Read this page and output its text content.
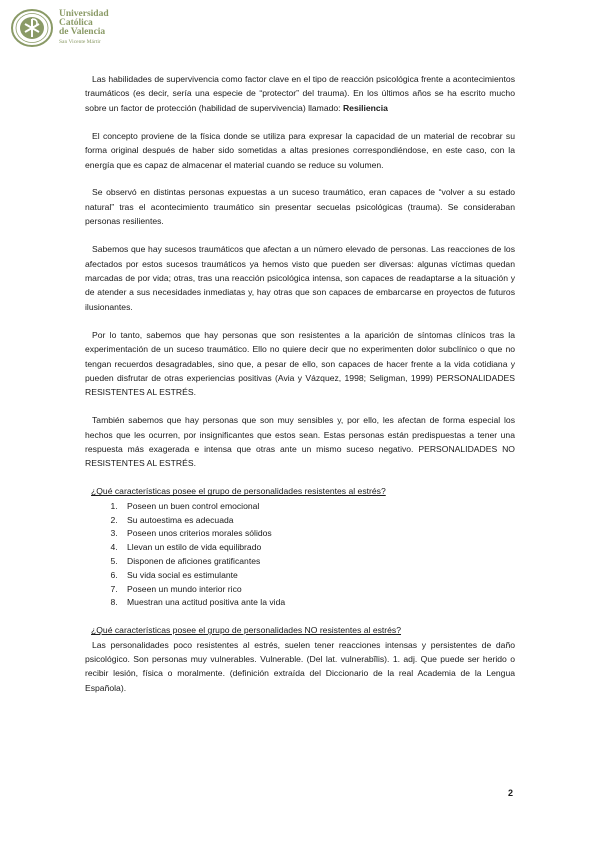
Universidad
Católica
de Valencia
San Vicente Mártir

Las habilidades de supervivencia como factor clave en el tipo de reacción psicológica frente a acontecimientos traumáticos (es decir, sería una especie de “protector” del trauma). En los últimos años se ha escrito mucho sobre un factor de protección (habilidad de supervivencia) llamado: Resiliencia

El concepto proviene de la física donde se utiliza para expresar la capacidad de un material de recobrar su forma original después de haber sido sometidas a altas presiones correspondiéndose, en este caso, con la energía que es capaz de almacenar el material cuando se reduce su volumen.

Se observó en distintas personas expuestas a un suceso traumático, eran capaces de “volver a su estado natural” tras el acontecimiento traumático sin presentar secuelas psicológicas (trauma). Se consideraban personas resilientes.

Sabemos que hay sucesos traumáticos que afectan a un número elevado de personas. Las reacciones de los afectados por estos sucesos traumáticos ya hemos visto que pueden ser diversas: algunas víctimas quedan marcadas de por vida; otras, tras una reacción psicológica intensa, son capaces de readaptarse a la situación y de atender a sus necesidades inmediatas y, hay otras que son capaces de embarcarse en proyectos de futuros ilusionantes.

Por lo tanto, sabemos que hay personas que son resistentes a la aparición de síntomas clínicos tras la experimentación de un suceso traumático. Ello no quiere decir que no experimenten dolor subclínico o que no tengan recuerdos desagradables, sino que, a pesar de ello, son capaces de hacer frente a la vida cotidiana y pueden disfrutar de otras experiencias positivas (Avia y Vázquez, 1998; Seligman, 1999) PERSONALIDADES RESISTENTES AL ESTRÉS.

También sabemos que hay personas que son muy sensibles y, por ello, les afectan de forma especial los hechos que les ocurren, por insignificantes que estos sean. Estas personas están predispuestas a tener una respuesta más exagerada e intensa que otras ante un mismo suceso negativo. PERSONALIDADES NO RESISTENTES AL ESTRÉS.

¿Qué características posee el grupo de personalidades resistentes al estrés?

1. Poseen un buen control emocional
2. Su autoestima es adecuada
3. Poseen unos criterios morales sólidos
4. Llevan un estilo de vida equilibrado
5. Disponen de aficiones gratificantes
6. Su vida social es estimulante
7. Poseen un mundo interior rico
8. Muestran una actitud positiva ante la vida

¿Qué características posee el grupo de personalidades NO resistentes al estrés?

Las personalidades poco resistentes al estrés, suelen tener reacciones intensas y persistentes de daño psicológico. Son personas muy vulnerables. Vulnerable. (Del lat. vulnerabĭlis). 1. adj. Que puede ser herido o recibir lesión, física o moralmente. (definición extraída del Diccionario de la real Academia de la Lengua Española).

2
